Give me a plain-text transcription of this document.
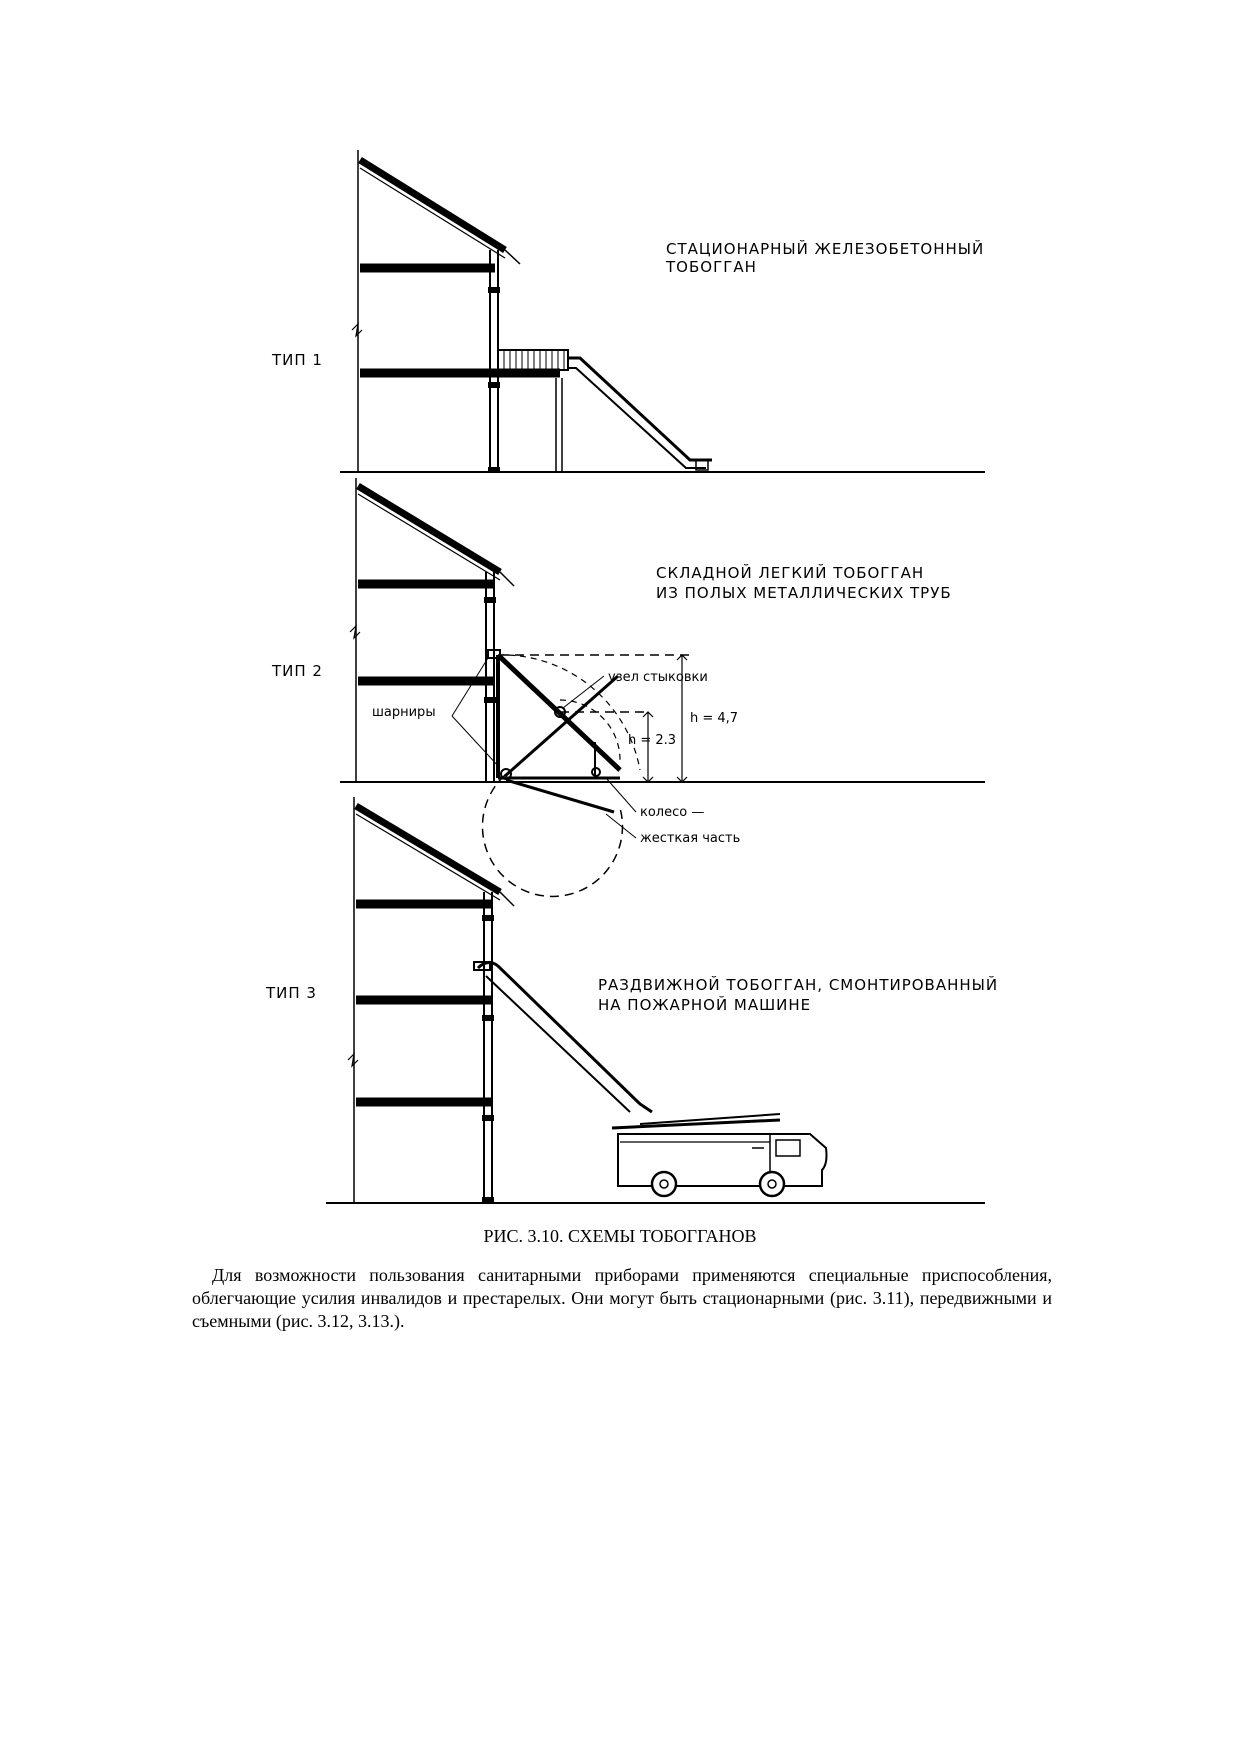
ТИП 1
СТАЦИОНАРНЫЙ ЖЕЛЕЗОБЕТОННЫЙ
ТОБОГГАН
ТИП 2
СКЛАДНОЙ ЛЕГКИЙ ТОБОГГАН
ИЗ ПОЛЫХ МЕТАЛЛИЧЕСКИХ ТРУБ
узел стыковки
шарниры	h = 4,7
h = 2.3
колесо —
жесткая часть
ТИП 3	РАЗДВИЖНОЙ ТОБОГГАН, СМОНТИРОВАННЫЙ
НА ПОЖАРНОЙ МАШИНЕ
РИС. 3.10. СХЕМЫ ТОБОГГАНОВ
Для возможности пользования санитарными приборами применяются специальные приспособления, облегчающие усилия инвалидов и престарелых. Они могут быть стационарными (рис. 3.11), передвижными и съемными (рис. 3.12, 3.13.).
